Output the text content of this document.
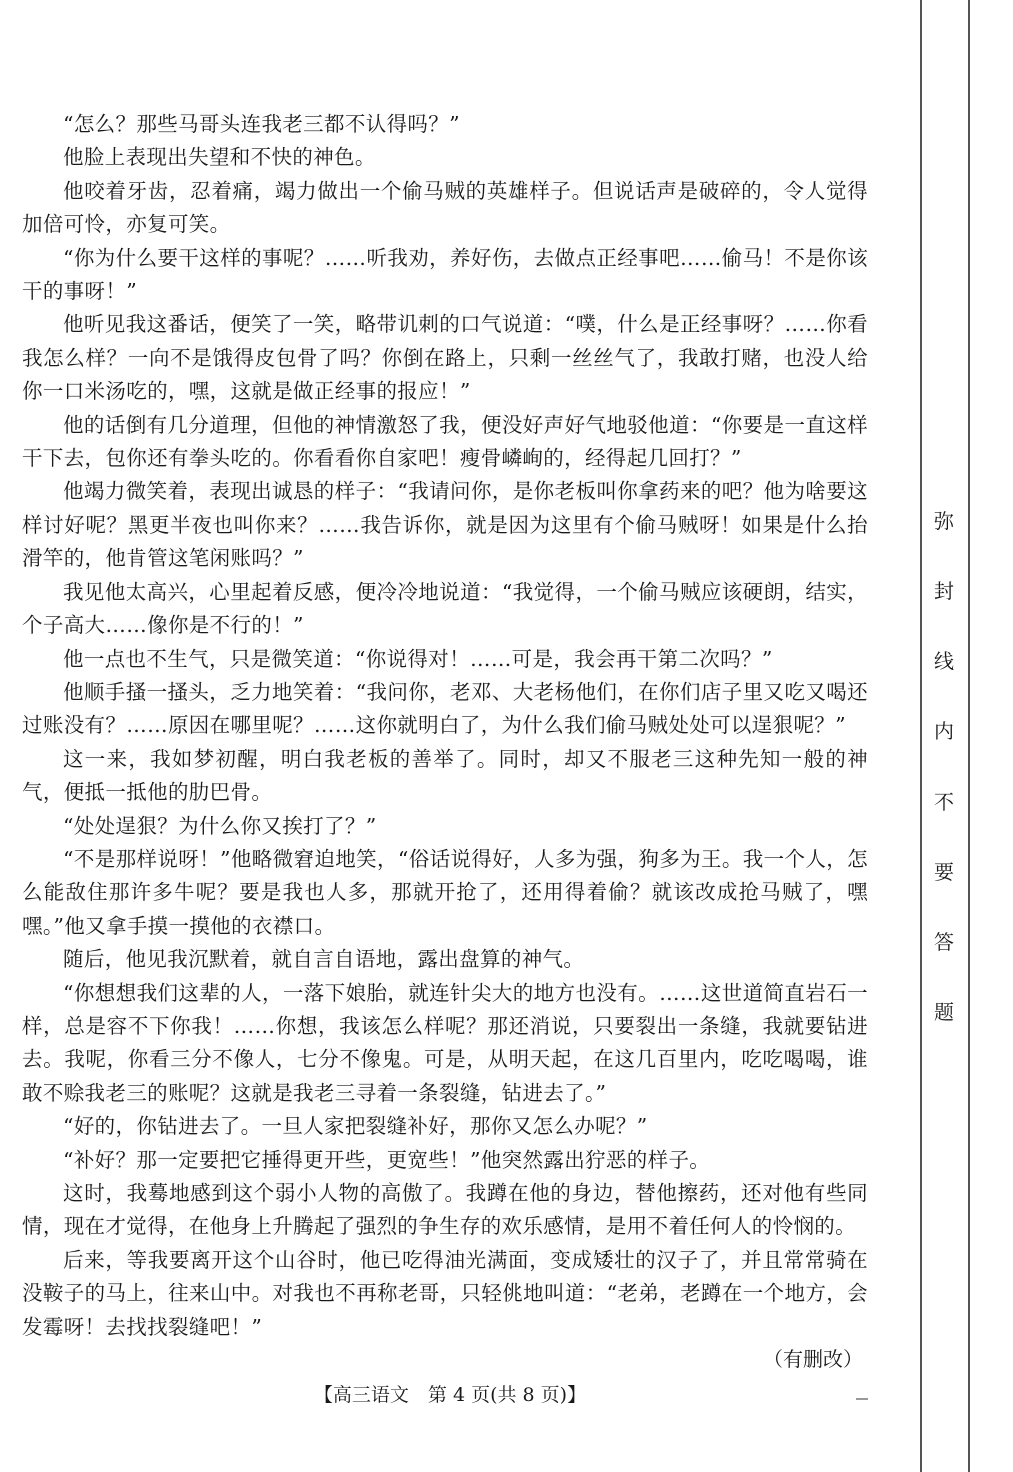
“怎么？那些马哥头连我老三都不认得吗？”

他脸上表现出失望和不快的神色。

他咬着牙齿，忍着痛，竭力做出一个偷马贼的英雄样子。但说话声是破碎的，令人觉得加倍可怜，亦复可笑。

“你为什么要干这样的事呢？……听我劝，养好伤，去做点正经事吧……偷马！不是你该干的事呀！”

他听见我这番话，便笑了一笑，略带讥刺的口气说道：“噗，什么是正经事呀？……你看我怎么样？一向不是饿得皮包骨了吗？你倒在路上，只剩一丝丝气了，我敢打赌，也没人给你一口米汤吃的，嘿，这就是做正经事的报应！”

他的话倒有几分道理，但他的神情激怒了我，便没好声好气地驳他道：“你要是一直这样干下去，包你还有拳头吃的。你看看你自家吧！瘦骨嶙峋的，经得起几回打？”

他竭力微笑着，表现出诚恳的样子：“我请问你，是你老板叫你拿药来的吧？他为啥要这样讨好呢？黑更半夜也叫你来？……我告诉你，就是因为这里有个偷马贼呀！如果是什么抬滑竿的，他肯管这笔闲账吗？”

我见他太高兴，心里起着反感，便冷冷地说道：“我觉得，一个偷马贼应该硬朗，结实，个子高大……像你是不行的！”

他一点也不生气，只是微笑道：“你说得对！……可是，我会再干第二次吗？”

他顺手搔一搔头，乏力地笑着：“我问你，老邓、大老杨他们，在你们店子里又吃又喝还过账没有？……原因在哪里呢？……这你就明白了，为什么我们偷马贼处处可以逞狠呢？”

这一来，我如梦初醒，明白我老板的善举了。同时，却又不服老三这种先知一般的神气，便抵一抵他的肋巴骨。

“处处逞狠？为什么你又挨打了？”

“不是那样说呀！”他略微窘迫地笑，“俗话说得好，人多为强，狗多为王。我一个人，怎么能敌住那许多牛呢？要是我也人多，那就开抢了，还用得着偷？就该改成抢马贼了，嘿嘿。”他又拿手摸一摸他的衣襟口。

随后，他见我沉默着，就自言自语地，露出盘算的神气。

“你想想我们这辈的人，一落下娘胎，就连针尖大的地方也没有。……这世道简直岩石一样，总是容不下你我！……你想，我该怎么样呢？那还消说，只要裂出一条缝，我就要钻进去。我呢，你看三分不像人，七分不像鬼。可是，从明天起，在这几百里内，吃吃喝喝，谁敢不赊我老三的账呢？这就是我老三寻着一条裂缝，钻进去了。”

“好的，你钻进去了。一旦人家把裂缝补好，那你又怎么办呢？”

“补好？那一定要把它捶得更开些，更宽些！”他突然露出狞恶的样子。

这时，我蓦地感到这个弱小人物的高傲了。我蹲在他的身边，替他擦药，还对他有些同情，现在才觉得，在他身上升腾起了强烈的争生存的欢乐感情，是用不着任何人的怜悯的。

后来，等我要离开这个山谷时，他已吃得油光满面，变成矮壮的汉子了，并且常常骑在没鞍子的马上，往来山中。对我也不再称老哥，只轻佻地叫道：“老弟，老蹲在一个地方，会发霉呀！去找找裂缝吧！”

（有删改）
【高三语文　第 4 页(共 8 页)】
弥
封
线
内
不
要
答
题
